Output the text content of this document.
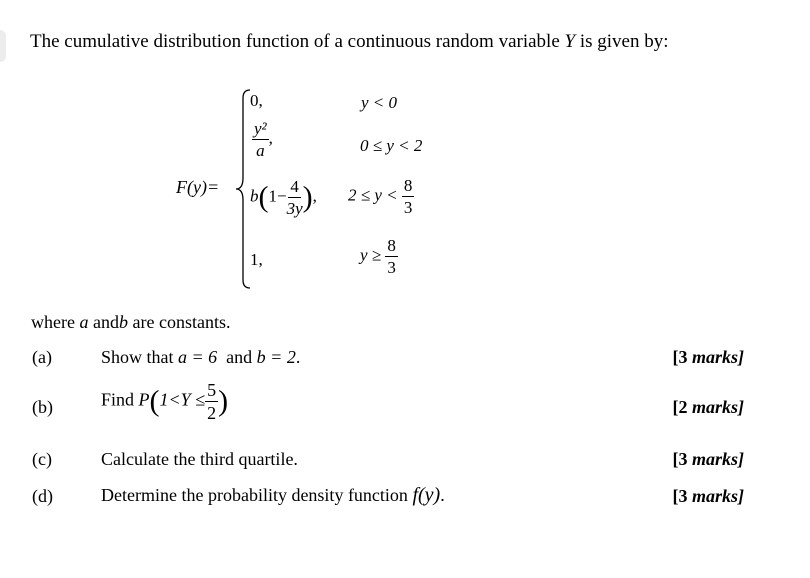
The cumulative distribution function of a continuous random variable Y is given by:
F(y)=
0,	y < 0
$\frac{\text{y²}}{a}$ ,	0 ≤ y < 2
$b(1- \frac{4}{3y}$ ), $2 \le y < \frac{8}{3}$
1,	$y \ge \frac{8}{3}$
where a andb are constants.
(a)	Show that a = 6 and b = 2.	[3 marks]
(b)	Find $P(1<Y \le \frac{5}{2}$ )	[2 marks]
(c)	Calculate the third quartile.	[3 marks]
(d)	Determine the probability density function f(y).	[3 marks]
